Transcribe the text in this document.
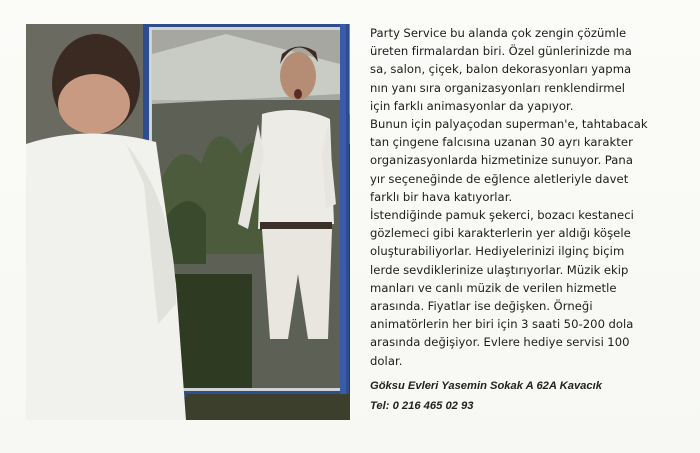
Party Service bu alanda çok zengin çözümle
üreten firmalardan biri. Özel günlerinizde ma
sa, salon, çiçek, balon dekorasyonları yapma
nın yanı sıra organizasyonları renklendirmel
için farklı animasyonlar da yapıyor.
Bunun için palyaçodan superman'e, tahtabacak
tan çingene falcısına uzanan 30 ayrı karakter
organizasyonlarda hizmetinize sunuyor. Pana
yır seçeneğinde de eğlence aletleriyle davet
farklı bir hava katıyorlar.
İstendiğinde pamuk şekerci, bozacı kestaneci
gözlemeci gibi karakterlerin yer aldığı köşele
oluşturabiliyorlar. Hediyelerinizi ilginç biçim
lerde sevdiklerinize ulaştırıyorlar. Müzik ekip
manları ve canlı müzik de verilen hizmetle
arasında. Fiyatlar ise değişken. Örneği
animatörlerin her biri için 3 saati 50-200 dola
arasında değişiyor. Evlere hediye servisi 100
dolar.

Göksu Evleri Yasemin Sokak A 62A Kavacık
Tel: 0 216 465 02 93
